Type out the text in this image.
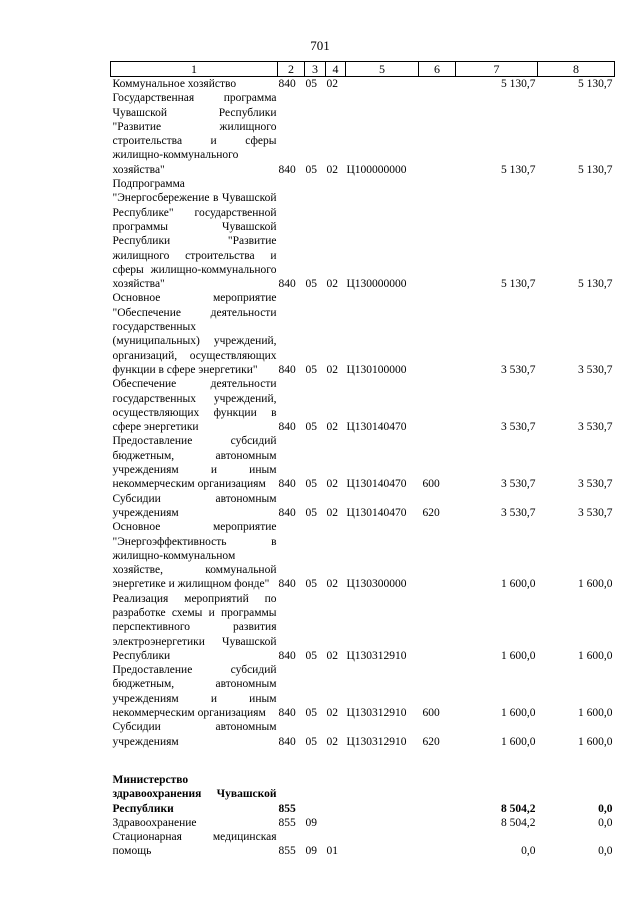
701
1	2	3	4	5	6	7	8
Коммунальное хозяйство	840	05	02			5 130,7	5 130,7
Государственная программа Чувашской Республики "Развитие жилищного строительства и сферы жилищно-коммунального хозяйства"	840	05	02	Ц100000000		5 130,7	5 130,7
Подпрограмма "Энергосбережение в Чувашской Республике" государственной программы Чувашской Республики "Развитие жилищного строительства и сферы жилищно-коммунального хозяйства"	840	05	02	Ц130000000		5 130,7	5 130,7
Основное мероприятие "Обеспечение деятельности государственных (муниципальных) учреждений, организаций, осуществляющих функции в сфере энергетики"	840	05	02	Ц130100000		3 530,7	3 530,7
Обеспечение деятельности государственных учреждений, осуществляющих функции в сфере энергетики	840	05	02	Ц130140470		3 530,7	3 530,7
Предоставление субсидий бюджетным, автономным учреждениям и иным некоммерческим организациям	840	05	02	Ц130140470	600	3 530,7	3 530,7
Субсидии автономным учреждениям	840	05	02	Ц130140470	620	3 530,7	3 530,7
Основное мероприятие "Энергоэффективность в жилищно-коммунальном хозяйстве, коммунальной энергетике и жилищном фонде"	840	05	02	Ц130300000		1 600,0	1 600,0
Реализация мероприятий по разработке схемы и программы перспективного развития электроэнергетики Чувашской Республики	840	05	02	Ц130312910		1 600,0	1 600,0
Предоставление субсидий бюджетным, автономным учреждениям и иным некоммерческим организациям	840	05	02	Ц130312910	600	1 600,0	1 600,0
Субсидии автономным учреждениям	840	05	02	Ц130312910	620	1 600,0	1 600,0

Министерство здравоохранения Чувашской Республики	855					8 504,2	0,0
Здравоохранение	855	09				8 504,2	0,0
Стационарная медицинская помощь	855	09	01			0,0	0,0
